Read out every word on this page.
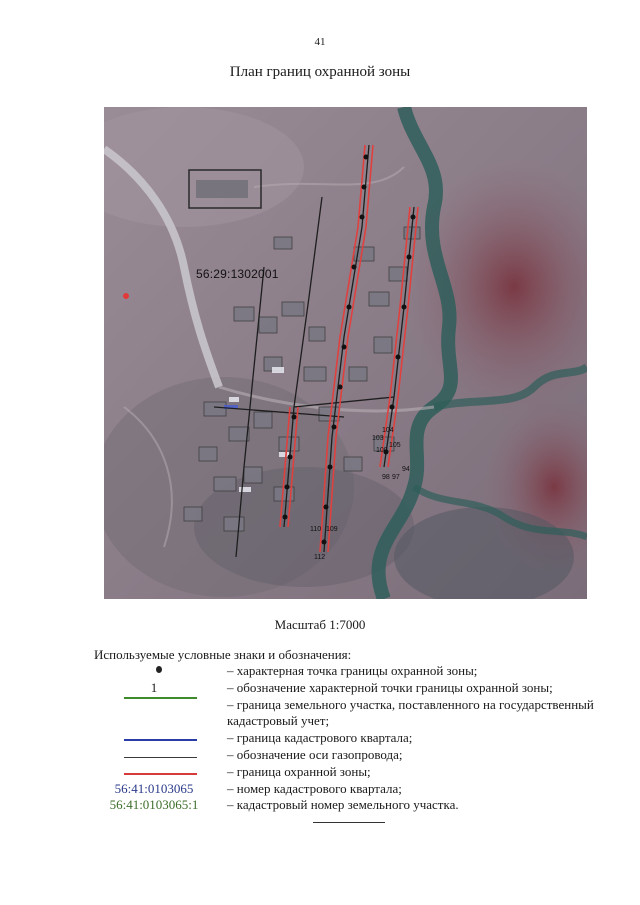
41
План границ охранной зоны
110 109
112
103
104
105
100
98 97
94
56:29:1302001
Масштаб 1:7000
Используемые условные знаки и обозначения:
– характерная точка границы охранной зоны;
1	– обозначение характерной точки границы охранной зоны;
– граница земельного участка, поставленного на государственный кадастровый учет;
– граница кадастрового квартала;
– обозначение оси газопровода;
– граница охранной зоны;
56:41:0103065	– номер кадастрового квартала;
56:41:0103065:1	– кадастровый номер земельного участка.
